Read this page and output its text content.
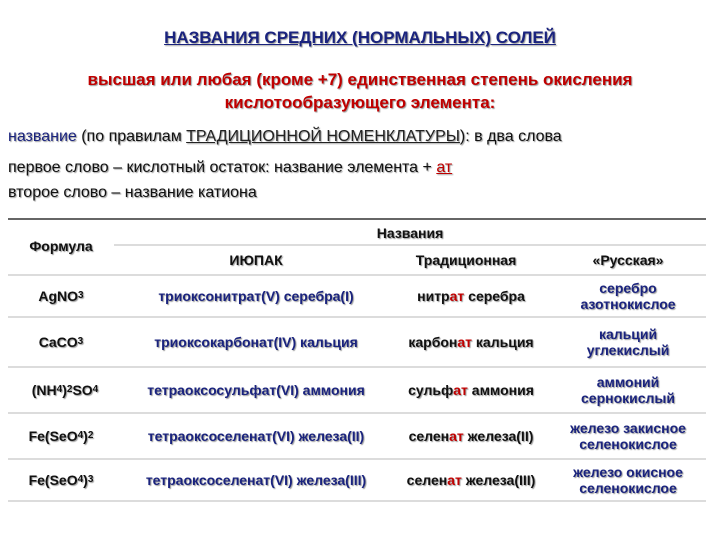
НАЗВАНИЯ СРЕДНИХ (НОРМАЛЬНЫХ) СОЛЕЙ
высшая или любая (кроме +7) единственная степень окисления
кислотообразующего элемента:
название (по правилам ТРАДИЦИОННОЙ НОМЕНКЛАТУРЫ): в два слова
первое слово – кислотный остаток: название элемента + ат
второе слово – название катиона
Формула
Названия
ИЮПАК	Традиционная	«Русская»
Ag NO 3	триоксонитрат(V) серебра(I)	нитр ат серебра	серебро
азотнокислое
Ca CO 3	триоксокарбонат(IV) кальция	карбон ат кальция	кальций
углекислый
(NH 4 ) 2 SO 4	тетраоксосульфат(VI) аммония	сульф ат аммония	аммоний
сернокислый
Fe(SeO 4 ) 2	тетраоксоселенат(VI) железа(II)	селен ат железа(II)	железо закисное
селенокислое
Fe(SeO 4 ) 3	тетраоксоселенат(VI) железа(III)	селен ат железа(III)	железо окисное
селенокислое
